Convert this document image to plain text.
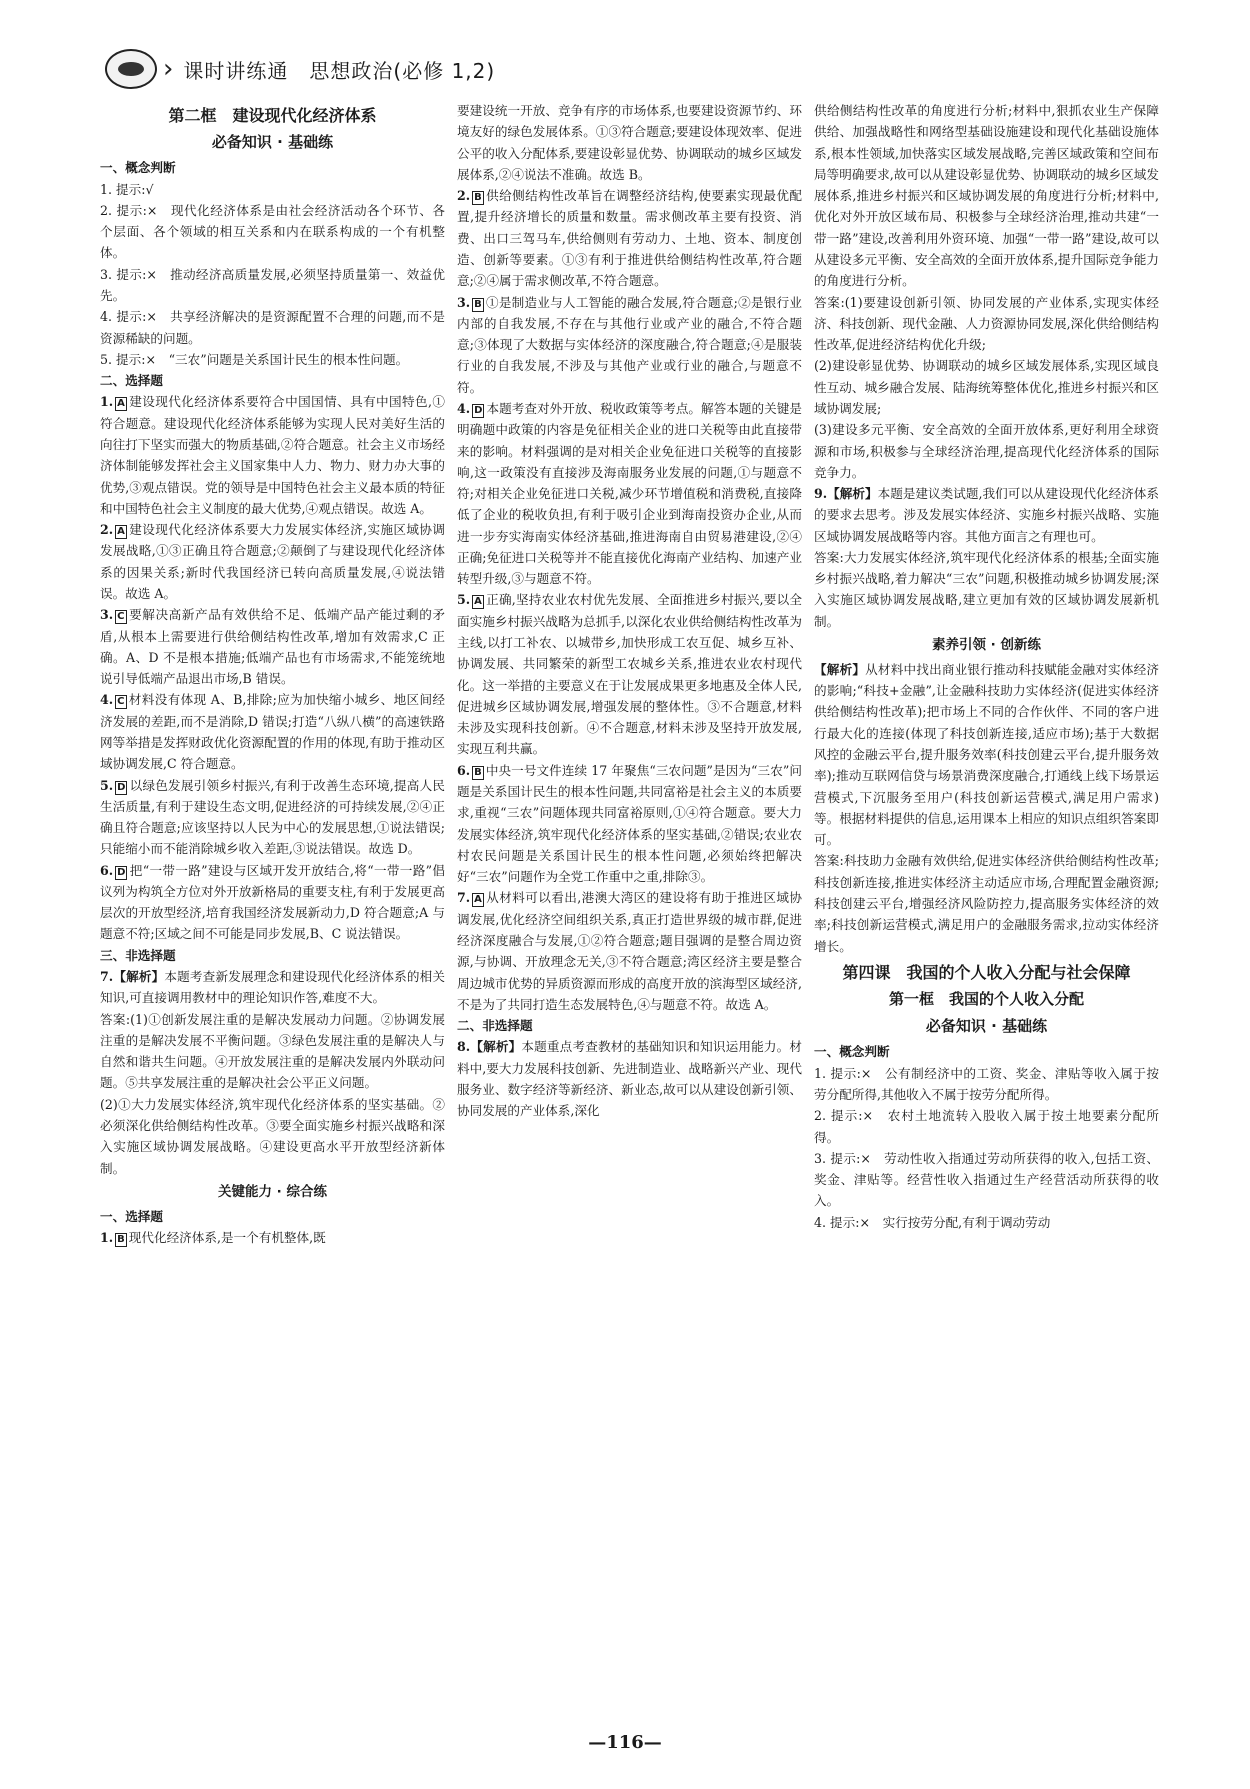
› 课时讲练通　思想政治(必修 1,2)
第二框　建设现代化经济体系
必备知识 · 基础练
一、概念判断

1. 提示:√

2. 提示:×　现代化经济体系是由社会经济活动各个环节、各个层面、各个领域的相互关系和内在联系构成的一个有机整体。

3. 提示:×　推动经济高质量发展,必须坚持质量第一、效益优先。

4. 提示:×　共享经济解决的是资源配置不合理的问题,而不是资源稀缺的问题。

5. 提示:×　“三农”问题是关系国计民生的根本性问题。

二、选择题

1. A 建设现代化经济体系要符合中国国情、具有中国特色,①符合题意。建设现代化经济体系能够为实现人民对美好生活的向往打下坚实而强大的物质基础,②符合题意。社会主义市场经济体制能够发挥社会主义国家集中人力、物力、财力办大事的优势,③观点错误。党的领导是中国特色社会主义最本质的特征和中国特色社会主义制度的最大优势,④观点错误。故选 A。

2. A 建设现代化经济体系要大力发展实体经济,实施区域协调发展战略,①③正确且符合题意;②颠倒了与建设现代化经济体系的因果关系;新时代我国经济已转向高质量发展,④说法错误。故选 A。

3. C 要解决高新产品有效供给不足、低端产品产能过剩的矛盾,从根本上需要进行供给侧结构性改革,增加有效需求,C 正确。A、D 不是根本措施;低端产品也有市场需求,不能笼统地说引导低端产品退出市场,B 错误。

4. C 材料没有体现 A、B,排除;应为加快缩小城乡、地区间经济发展的差距,而不是消除,D 错误;打造“八纵八横”的高速铁路网等举措是发挥财政优化资源配置的作用的体现,有助于推动区域协调发展,C 符合题意。

5. D 以绿色发展引领乡村振兴,有利于改善生态环境,提高人民生活质量,有利于建设生态文明,促进经济的可持续发展,②④正确且符合题意;应该坚持以人民为中心的发展思想,①说法错误;只能缩小而不能消除城乡收入差距,③说法错误。故选 D。

6. D 把“一带一路”建设与区域开发开放结合,将“一带一路”倡议列为构筑全方位对外开放新格局的重要支柱,有利于发展更高层次的开放型经济,培育我国经济发展新动力,D 符合题意;A 与题意不符;区域之间不可能是同步发展,B、C 说法错误。

三、非选择题

7.【解析】本题考查新发展理念和建设现代化经济体系的相关知识,可直接调用教材中的理论知识作答,难度不大。

答案:(1)①创新发展注重的是解决发展动力问题。②协调发展注重的是解决发展不平衡问题。③绿色发展注重的是解决人与自然和谐共生问题。④开放发展注重的是解决发展内外联动问题。⑤共享发展注重的是解决社会公平正义问题。

(2)①大力发展实体经济,筑牢现代化经济体系的坚实基础。②必须深化供给侧结构性改革。③要全面实施乡村振兴战略和深入实施区域协调发展战略。④建设更高水平开放型经济新体制。

关键能力 · 综合练
一、选择题

1. B 现代化经济体系,是一个有机整体,既

要建设统一开放、竞争有序的市场体系,也要建设资源节约、环境友好的绿色发展体系。①③符合题意;要建设体现效率、促进公平的收入分配体系,要建设彰显优势、协调联动的城乡区域发展体系,②④说法不准确。故选 B。

2. B 供给侧结构性改革旨在调整经济结构,使要素实现最优配置,提升经济增长的质量和数量。需求侧改革主要有投资、消费、出口三驾马车,供给侧则有劳动力、土地、资本、制度创造、创新等要素。①③有利于推进供给侧结构性改革,符合题意;②④属于需求侧改革,不符合题意。

3. B ①是制造业与人工智能的融合发展,符合题意;②是银行业内部的自我发展,不存在与其他行业或产业的融合,不符合题意;③体现了大数据与实体经济的深度融合,符合题意;④是服装行业的自我发展,不涉及与其他产业或行业的融合,与题意不符。

4. D 本题考查对外开放、税收政策等考点。解答本题的关键是明确题中政策的内容是免征相关企业的进口关税等由此直接带来的影响。材料强调的是对相关企业免征进口关税等的直接影响,这一政策没有直接涉及海南服务业发展的问题,①与题意不符;对相关企业免征进口关税,减少环节增值税和消费税,直接降低了企业的税收负担,有利于吸引企业到海南投资办企业,从而进一步夯实海南实体经济基础,推进海南自由贸易港建设,②④正确;免征进口关税等并不能直接优化海南产业结构、加速产业转型升级,③与题意不符。

5. A 正确,坚持农业农村优先发展、全面推进乡村振兴,要以全面实施乡村振兴战略为总抓手,以深化农业供给侧结构性改革为主线,以打工补农、以城带乡,加快形成工农互促、城乡互补、协调发展、共同繁荣的新型工农城乡关系,推进农业农村现代化。这一举措的主要意义在于让发展成果更多地惠及全体人民,促进城乡区域协调发展,增强发展的整体性。③不合题意,材料未涉及实现科技创新。④不合题意,材料未涉及坚持开放发展,实现互利共赢。

6. B 中央一号文件连续 17 年聚焦“三农问题”是因为“三农”问题是关系国计民生的根本性问题,共同富裕是社会主义的本质要求,重视“三农”问题体现共同富裕原则,①④符合题意。要大力发展实体经济,筑牢现代化经济体系的坚实基础,②错误;农业农村农民问题是关系国计民生的根本性问题,必须始终把解决好“三农”问题作为全党工作重中之重,排除③。

7. A 从材料可以看出,港澳大湾区的建设将有助于推进区域协调发展,优化经济空间组织关系,真正打造世界级的城市群,促进经济深度融合与发展,①②符合题意;题目强调的是整合周边资源,与协调、开放理念无关,③不符合题意;湾区经济主要是整合周边城市优势的异质资源而形成的高度开放的滨海型区域经济,不是为了共同打造生态发展特色,④与题意不符。故选 A。

二、非选择题

8.【解析】本题重点考查教材的基础知识和知识运用能力。材料中,要大力发展科技创新、先进制造业、战略新兴产业、现代服务业、数字经济等新经济、新业态,故可以从建设创新引领、协同发展的产业体系,深化

供给侧结构性改革的角度进行分析;材料中,狠抓农业生产保障供给、加强战略性和网络型基础设施建设和现代化基础设施体系,根本性领域,加快落实区域发展战略,完善区域政策和空间布局等明确要求,故可以从建设彰显优势、协调联动的城乡区域发展体系,推进乡村振兴和区域协调发展的角度进行分析;材料中,优化对外开放区域布局、积极参与全球经济治理,推动共建“一带一路”建设,改善利用外资环境、加强“一带一路”建设,故可以从建设多元平衡、安全高效的全面开放体系,提升国际竞争能力的角度进行分析。

答案:(1)要建设创新引领、协同发展的产业体系,实现实体经济、科技创新、现代金融、人力资源协同发展,深化供给侧结构性改革,促进经济结构优化升级;

(2)建设彰显优势、协调联动的城乡区域发展体系,实现区域良性互动、城乡融合发展、陆海统筹整体优化,推进乡村振兴和区域协调发展;

(3)建设多元平衡、安全高效的全面开放体系,更好利用全球资源和市场,积极参与全球经济治理,提高现代化经济体系的国际竞争力。

9.【解析】本题是建议类试题,我们可以从建设现代化经济体系的要求去思考。涉及发展实体经济、实施乡村振兴战略、实施区域协调发展战略等内容。其他方面言之有理也可。

答案:大力发展实体经济,筑牢现代化经济体系的根基;全面实施乡村振兴战略,着力解决“三农”问题,积极推动城乡协调发展;深入实施区域协调发展战略,建立更加有效的区域协调发展新机制。

素养引领 · 创新练

【解析】从材料中找出商业银行推动科技赋能金融对实体经济的影响;“科技+金融”,让金融科技助力实体经济(促进实体经济供给侧结构性改革);把市场上不同的合作伙伴、不同的客户进行最大化的连接(体现了科技创新连接,适应市场);基于大数据风控的金融云平台,提升服务效率(科技创建云平台,提升服务效率);推动互联网信贷与场景消费深度融合,打通线上线下场景运营模式,下沉服务至用户(科技创新运营模式,满足用户需求)等。根据材料提供的信息,运用课本上相应的知识点组织答案即可。

答案:科技助力金融有效供给,促进实体经济供给侧结构性改革;科技创新连接,推进实体经济主动适应市场,合理配置金融资源;科技创建云平台,增强经济风险防控力,提高服务实体经济的效率;科技创新运营模式,满足用户的金融服务需求,拉动实体经济增长。

第四课　我国的个人收入分配与社会保障
第一框　我国的个人收入分配
必备知识 · 基础练
一、概念判断

1. 提示:×　公有制经济中的工资、奖金、津贴等收入属于按劳分配所得,其他收入不属于按劳分配所得。

2. 提示:×　农村土地流转入股收入属于按土地要素分配所得。

3. 提示:×　劳动性收入指通过劳动所获得的收入,包括工资、奖金、津贴等。经营性收入指通过生产经营活动所获得的收入。

4. 提示:×　实行按劳分配,有利于调动劳动

—116—
